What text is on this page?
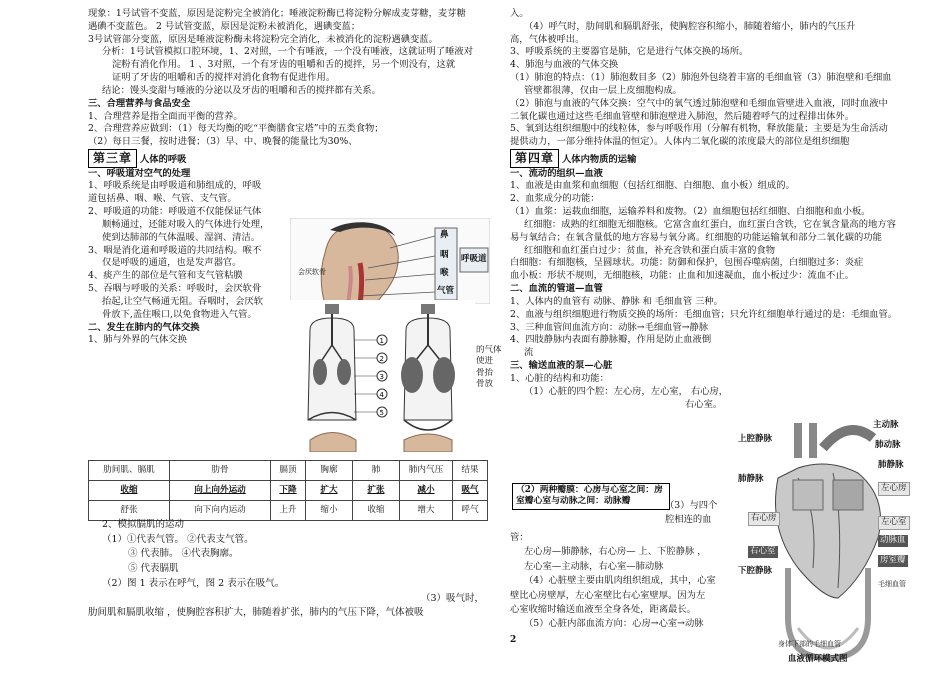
现象：1号试管不变蓝，原因是淀粉完全被消化；唾液淀粉酶已将淀粉分解成麦芽糖，麦芽糖

遇碘不变蓝色。 2 号试管变蓝，原因是淀粉未被消化，遇碘变蓝；

3号试管部分变蓝，原因是唾液淀粉酶未将淀粉完全消化，未被消化的淀粉遇碘变蓝。

分析：1号试管模拟口腔环境，1、2对照，一个有唾液，一个没有唾液，这就证明了唾液对

淀粉有消化作用。 1 、3对照，一个有牙齿的咀嚼和舌的搅拌，另一个则没有，这就

证明了牙齿的咀嚼和舌的搅拌对消化食物有促进作用。

结论：馒头变甜与唾液的分泌以及牙齿的咀嚼和舌的搅拌都有关系。

三、合理营养与食品安全

1、合理营养是指全面而平衡的营养。

2、合理营养应做到：（1）每天均衡的吃“平衡膳食宝塔”中的五类食物；

（2）每日三餐，按时进餐；（3）早、中、晚餐的能量比为30%、

第三章 人体的呼吸

一、呼吸道对空气的处理

1、呼吸系统是由呼吸道和肺组成的，呼吸

道包括鼻、咽、喉、气管、支气管。

2、呼吸道的功能：呼吸道不仅能保证气体

顺畅通过，还能对吸入的气体进行处理，

使到达肺部的气体温暖、湿润、清洁。

3、咽是消化道和呼吸道的共同结构。喉不

仅是呼吸的通道，也是发声器官。

4、痰产生的部位是气管和支气管粘膜

5、吞咽与呼吸的关系：呼吸时，会厌软骨

抬起,让空气畅通无阻。吞咽时，会厌软

骨放下,盖住喉口,以免食物进入气管。

二、发生在肺内的气体交换

1、肺与外界的气体交换

会厌软骨
鼻
咽
喉
气管
呼吸道
1
2
3
4
5

的气体

使进

骨抬

骨放

肋间肌、膈肌	肋骨	膈顶	胸廓	肺	肺内气压	结果
收缩	向上向外运动	下降	扩大	扩张	减小	吸气
舒张	向下向内运动	上升	缩小	收缩	增大	呼气

2、模拟膈肌的运动

（1）①代表气管。 ②代表支气管。

③ 代表肺。 ④代表胸廓。

⑤ 代表膈肌

（2）图 1 表示在呼气，图 2 表示在吸气。

（3）吸气时，

肋间肌和膈肌收缩 ，使胸腔容积扩大，肺随着扩张，肺内的气压下降，气体被吸

入。

（4）呼气时，肋间肌和膈肌舒张，使胸腔容积缩小，肺随着缩小，肺内的气压升

高，气体被呼出。

3、呼吸系统的主要器官是肺，它是进行气体交换的场所。

4、肺泡与血液的气体交换

（1）肺泡的特点：（1）肺泡数目多（2）肺泡外包绕着丰富的毛细血管（3）肺泡壁和毛细血

管壁都很薄，仅由一层上皮细胞构成。

（2）肺泡与血液的气体交换：空气中的氧气透过肺泡壁和毛细血管壁进入血液，同时血液中

二氧化碳也通过这些毛细血管壁和肺泡壁进入肺泡，然后随着呼气的过程排出体外。

5、氧到达组织细胞中的线粒体，参与呼吸作用（分解有机物，释放能量；主要是为生命活动

提供动力，一部分维持体温的恒定）。人体内二氧化碳的浓度最大的部位是组织细胞

第四章 人体内物质的运输

一、流动的组织—血液

1、血液是由血浆和血细胞（包括红细胞、白细胞、血小板）组成的。

2、血浆成分的功能：

（1）血浆：运载血细胞，运输养料和废物。（2）血细胞包括红细胞、白细胞和血小板。

红细胞：成熟的红细胞无细胞核。它富含血红蛋白，血红蛋白含铁，它在氧含量高的地方容

易与氧结合；在氧含量低的地方容易与氧分离。红细胞的功能运输氧和部分二氧化碳的功能

红细胞和血红蛋白过少：贫血，补充含铁和蛋白质丰富的食物

白细胞：有细胞核，呈圆球状。功能：防御和保护，包围吞噬病菌，白细胞过多：炎症

血小板：形状不规则，无细胞核，功能：止血和加速凝血，血小板过少：流血不止。

二、血流的管道—血管

1、人体内的血管有 动脉、静脉 和 毛细血管 三种。

2、血液与组织细胞进行物质交换的场所：毛细血管；只允许红细胞单行通过的是：毛细血管。

3、三种血管间血流方向：动脉→毛细血管→静脉

4、四肢静脉内表面有静脉瓣，作用是防止血液倒

流

三、输送血液的泵—心脏

1、心脏的结构和功能：

（1）心脏的四个腔：左心房，左心室， 右心房，

右心室。

（2）两种瓣膜：心房与心室之间：房室瓣心室与动脉之间：动脉瓣	（3）与四个

腔相连的血

管：

左心房—肺静脉，右心房— 上、下腔静脉 ，

左心室—主动脉，右心室—肺动脉

（4）心脏壁主要由肌肉组织组成，其中，心室

壁比心房壁厚，左心室壁比右心室壁厚。因为左

心室收缩时输送血液至全身各处，距离最长。

（5）心脏内部血流方向：心房→心室→动脉

主动脉
上腔静脉
肺动脉
肺静脉
肺静脉
左心房
右心房	左心室
动脉血
右心室
房室瓣
下腔静脉
毛细血管
身体下部的毛细血管
血液循环模式图
2
